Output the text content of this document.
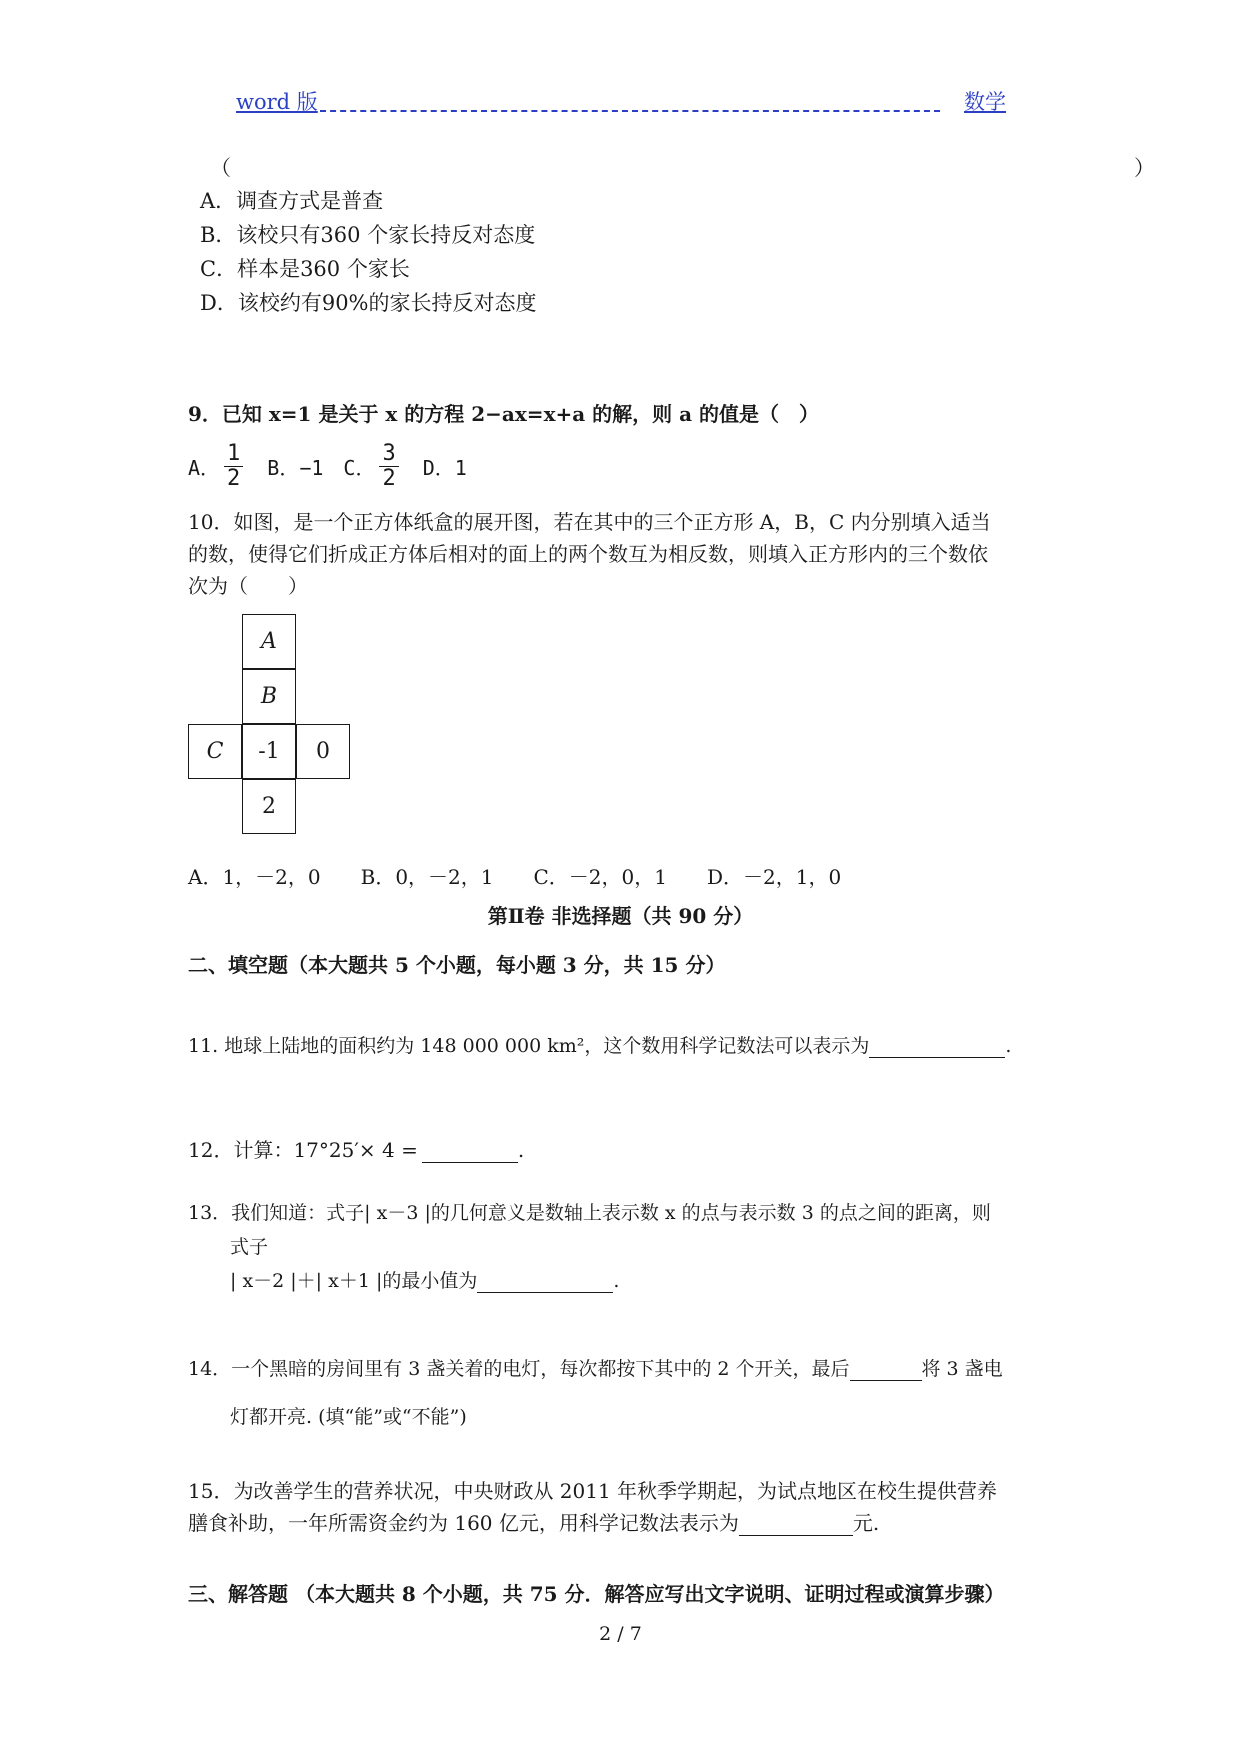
word 版	数学
（	）
A．调查方式是普查
B．该校只有360 个家长持反对态度
C．样本是360 个家长
D．该校约有90%的家长持反对态度
9．已知 x=1 是关于 x 的方程 2−ax=x+a 的解，则 a 的值是（　）
A． $\frac{1}{2}$ B．−1 C． $\frac{3}{2}$ D．1
10．如图，是一个正方体纸盒的展开图，若在其中的三个正方形 A，B，C 内分别填入适当
的数，使得它们折成正方体后相对的面上的两个数互为相反数，则填入正方形内的三个数依
次为（　　）
A
B
C	-1	0
2
A．1，－2，0　　B．0，－2，1　　C．－2，0，1　　D．－2，1，0
第Ⅱ卷 非选择题（共 90 分）
二、填空题（本大题共 5 个小题，每小题 3 分，共 15 分）
11. 地球上陆地的面积约为 148 000 000 km²，这个数用科学记数法可以表示为	.
12．计算：17°25′× 4 =	.
13．我们知道：式子| x－3 |的几何意义是数轴上表示数 x 的点与表示数 3 的点之间的距离，则
式子
| x－2 |＋| x＋1 |的最小值为	.
14．一个黑暗的房间里有 3 盏关着的电灯，每次都按下其中的 2 个开关，最后	将 3 盏电
灯都开亮. (填“能”或“不能”)
15．为改善学生的营养状况，中央财政从 2011 年秋季学期起，为试点地区在校生提供营养
膳食补助，一年所需资金约为 160 亿元，用科学记数法表示为	元.
三、解答题 （本大题共 8 个小题，共 75 分．解答应写出文字说明、证明过程或演算步骤）
2 / 7
